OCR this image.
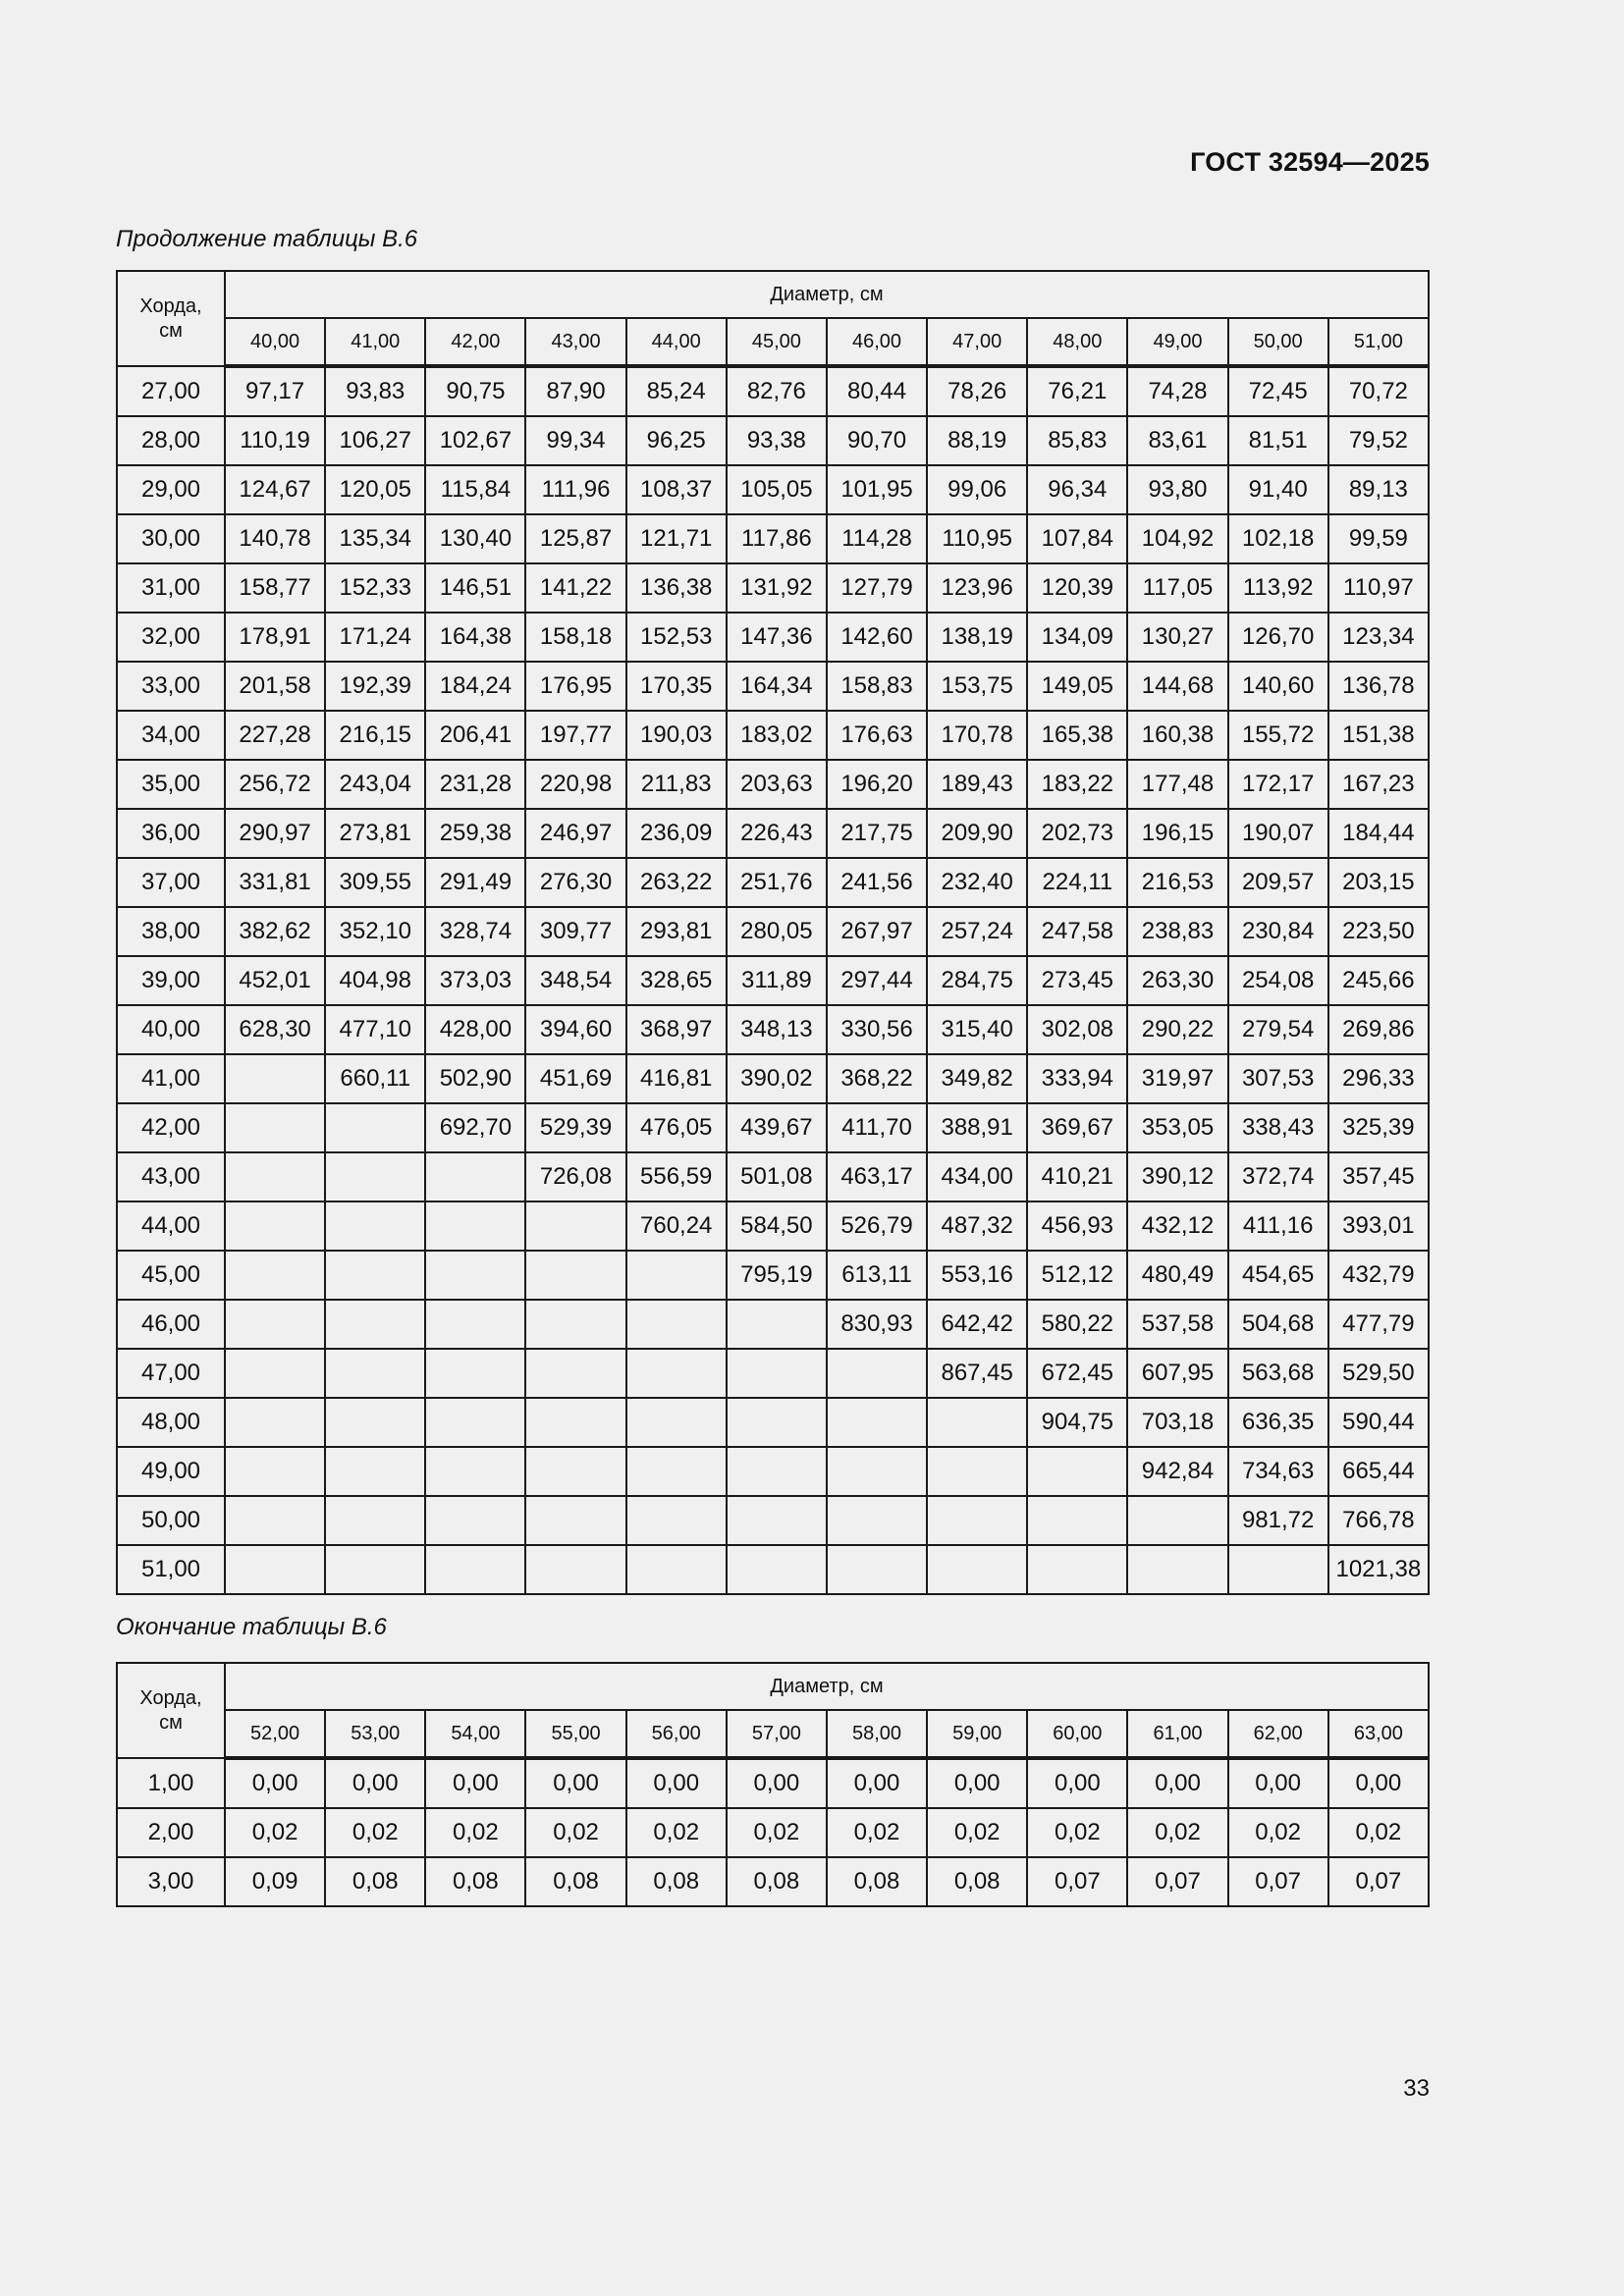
ГОСТ 32594—2025
Продолжение таблицы В.6
Хорда,
см	Диаметр, см											
	40,00	41,00	42,00	43,00	44,00	45,00	46,00	47,00	48,00	49,00	50,00	51,00
27,00	97,17	93,83	90,75	87,90	85,24	82,76	80,44	78,26	76,21	74,28	72,45	70,72
28,00	110,19	106,27	102,67	99,34	96,25	93,38	90,70	88,19	85,83	83,61	81,51	79,52
29,00	124,67	120,05	115,84	111,96	108,37	105,05	101,95	99,06	96,34	93,80	91,40	89,13
30,00	140,78	135,34	130,40	125,87	121,71	117,86	114,28	110,95	107,84	104,92	102,18	99,59
31,00	158,77	152,33	146,51	141,22	136,38	131,92	127,79	123,96	120,39	117,05	113,92	110,97
32,00	178,91	171,24	164,38	158,18	152,53	147,36	142,60	138,19	134,09	130,27	126,70	123,34
33,00	201,58	192,39	184,24	176,95	170,35	164,34	158,83	153,75	149,05	144,68	140,60	136,78
34,00	227,28	216,15	206,41	197,77	190,03	183,02	176,63	170,78	165,38	160,38	155,72	151,38
35,00	256,72	243,04	231,28	220,98	211,83	203,63	196,20	189,43	183,22	177,48	172,17	167,23
36,00	290,97	273,81	259,38	246,97	236,09	226,43	217,75	209,90	202,73	196,15	190,07	184,44
37,00	331,81	309,55	291,49	276,30	263,22	251,76	241,56	232,40	224,11	216,53	209,57	203,15
38,00	382,62	352,10	328,74	309,77	293,81	280,05	267,97	257,24	247,58	238,83	230,84	223,50
39,00	452,01	404,98	373,03	348,54	328,65	311,89	297,44	284,75	273,45	263,30	254,08	245,66
40,00	628,30	477,10	428,00	394,60	368,97	348,13	330,56	315,40	302,08	290,22	279,54	269,86
41,00		660,11	502,90	451,69	416,81	390,02	368,22	349,82	333,94	319,97	307,53	296,33
42,00			692,70	529,39	476,05	439,67	411,70	388,91	369,67	353,05	338,43	325,39
43,00				726,08	556,59	501,08	463,17	434,00	410,21	390,12	372,74	357,45
44,00					760,24	584,50	526,79	487,32	456,93	432,12	411,16	393,01
45,00						795,19	613,11	553,16	512,12	480,49	454,65	432,79
46,00							830,93	642,42	580,22	537,58	504,68	477,79
47,00								867,45	672,45	607,95	563,68	529,50
48,00									904,75	703,18	636,35	590,44
49,00										942,84	734,63	665,44
50,00											981,72	766,78
51,00												1021,38
Окончание таблицы В.6
Хорда,
см	Диаметр, см											
	52,00	53,00	54,00	55,00	56,00	57,00	58,00	59,00	60,00	61,00	62,00	63,00
1,00	0,00	0,00	0,00	0,00	0,00	0,00	0,00	0,00	0,00	0,00	0,00	0,00
2,00	0,02	0,02	0,02	0,02	0,02	0,02	0,02	0,02	0,02	0,02	0,02	0,02
3,00	0,09	0,08	0,08	0,08	0,08	0,08	0,08	0,08	0,07	0,07	0,07	0,07
33
